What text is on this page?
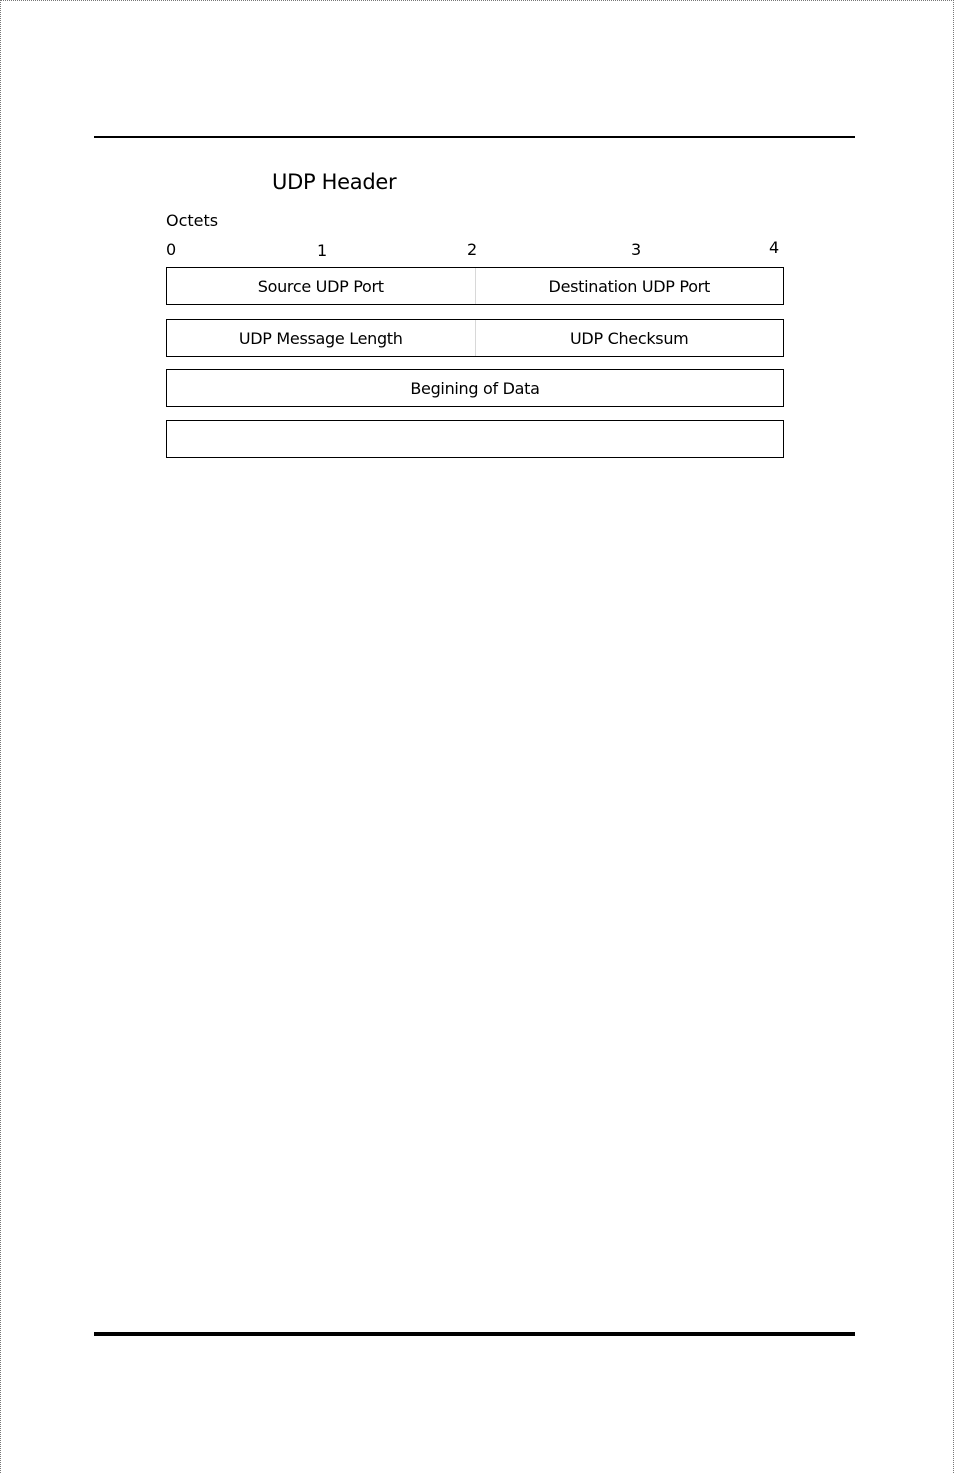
UDP Header
Octets
0	1	2	3	4
Source UDP Port	Destination UDP Port
UDP Message Length	UDP Checksum
Begining of Data
